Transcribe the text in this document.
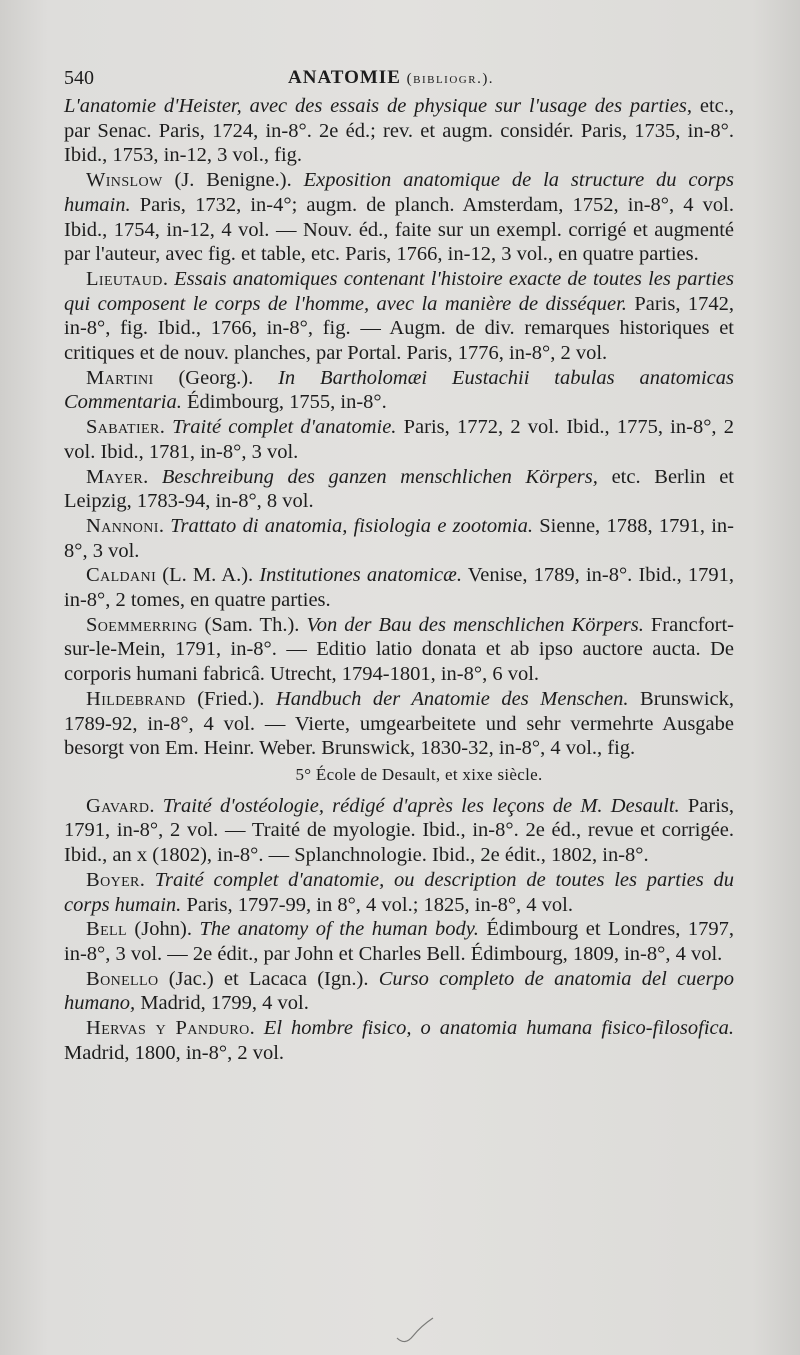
540	ANATOMIE (bibliogr.).

L'anatomie d'Heister, avec des essais de physique sur l'usage des parties, etc., par Senac. Paris, 1724, in-8°. 2e éd.; rev. et augm. considér. Paris, 1735, in-8°. Ibid., 1753, in-12, 3 vol., fig.

Winslow (J. Benigne.). Exposition anatomique de la structure du corps humain. Paris, 1732, in-4°; augm. de planch. Amsterdam, 1752, in-8°, 4 vol. Ibid., 1754, in-12, 4 vol. — Nouv. éd., faite sur un exempl. corrigé et augmenté par l'auteur, avec fig. et table, etc. Paris, 1766, in-12, 3 vol., en quatre parties.

Lieutaud. Essais anatomiques contenant l'histoire exacte de toutes les parties qui composent le corps de l'homme, avec la manière de disséquer. Paris, 1742, in-8°, fig. Ibid., 1766, in-8°, fig. — Augm. de div. remarques historiques et critiques et de nouv. planches, par Portal. Paris, 1776, in-8°, 2 vol.

Martini (Georg.). In Bartholomæi Eustachii tabulas anatomicas Commentaria. Édimbourg, 1755, in-8°.

Sabatier. Traité complet d'anatomie. Paris, 1772, 2 vol. Ibid., 1775, in-8°, 2 vol. Ibid., 1781, in-8°, 3 vol.

Mayer. Beschreibung des ganzen menschlichen Körpers, etc. Berlin et Leipzig, 1783-94, in-8°, 8 vol.

Nannoni. Trattato di anatomia, fisiologia e zootomia. Sienne, 1788, 1791, in-8°, 3 vol.

Caldani (L. M. A.). Institutiones anatomicæ. Venise, 1789, in-8°. Ibid., 1791, in-8°, 2 tomes, en quatre parties.

Soemmerring (Sam. Th.). Von der Bau des menschlichen Körpers. Francfort-sur-le-Mein, 1791, in-8°. — Editio latio donata et ab ipso auctore aucta. De corporis humani fabricâ. Utrecht, 1794-1801, in-8°, 6 vol.

Hildebrand (Fried.). Handbuch der Anatomie des Menschen. Brunswick, 1789-92, in-8°, 4 vol. — Vierte, umgearbeitete und sehr vermehrte Ausgabe besorgt von Em. Heinr. Weber. Brunswick, 1830-32, in-8°, 4 vol., fig.

5° École de Desault, et xixe siècle.

Gavard. Traité d'ostéologie, rédigé d'après les leçons de M. Desault. Paris, 1791, in-8°, 2 vol. — Traité de myologie. Ibid., in-8°. 2e éd., revue et corrigée. Ibid., an x (1802), in-8°. — Splanchnologie. Ibid., 2e édit., 1802, in-8°.

Boyer. Traité complet d'anatomie, ou description de toutes les parties du corps humain. Paris, 1797-99, in 8°, 4 vol.; 1825, in-8°, 4 vol.

Bell (John). The anatomy of the human body. Édimbourg et Londres, 1797, in-8°, 3 vol. — 2e édit., par John et Charles Bell. Édimbourg, 1809, in-8°, 4 vol.

Bonello (Jac.) et Lacaca (Ign.). Curso completo de anatomia del cuerpo humano, Madrid, 1799, 4 vol.

Hervas y Panduro. El hombre fisico, o anatomia humana fisico-filosofica. Madrid, 1800, in-8°, 2 vol.
